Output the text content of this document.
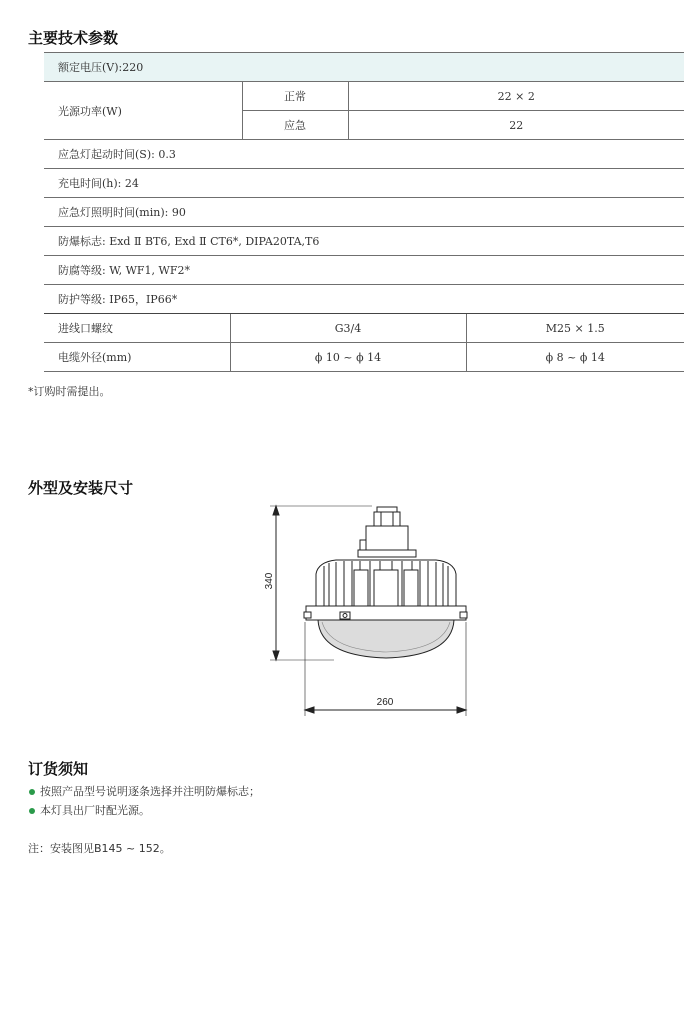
主要技术参数
额定电压(V):220				
光源功率(W)		正常	22 × 2	
		应急	22	
应急灯起动时间(S): 0.3				
充电时间(h): 24				
应急灯照明时间(min): 90				
防爆标志: Exd Ⅱ BT6, Exd Ⅱ CT6*, DIPA20TA,T6				
防腐等级: W, WF1, WF2*				
防护等级: IP65，IP66*				
进线口螺纹	G3/4			M25 × 1.5
电缆外径(mm)	ϕ 10 ~ ϕ 14			ϕ 8 ~ ϕ 14
*订购时需提出。
外型及安装尺寸
340
260
订货须知
按照产品型号说明逐条选择并注明防爆标志；
本灯具出厂时配光源。
注：安装图见B145 ~ 152。
